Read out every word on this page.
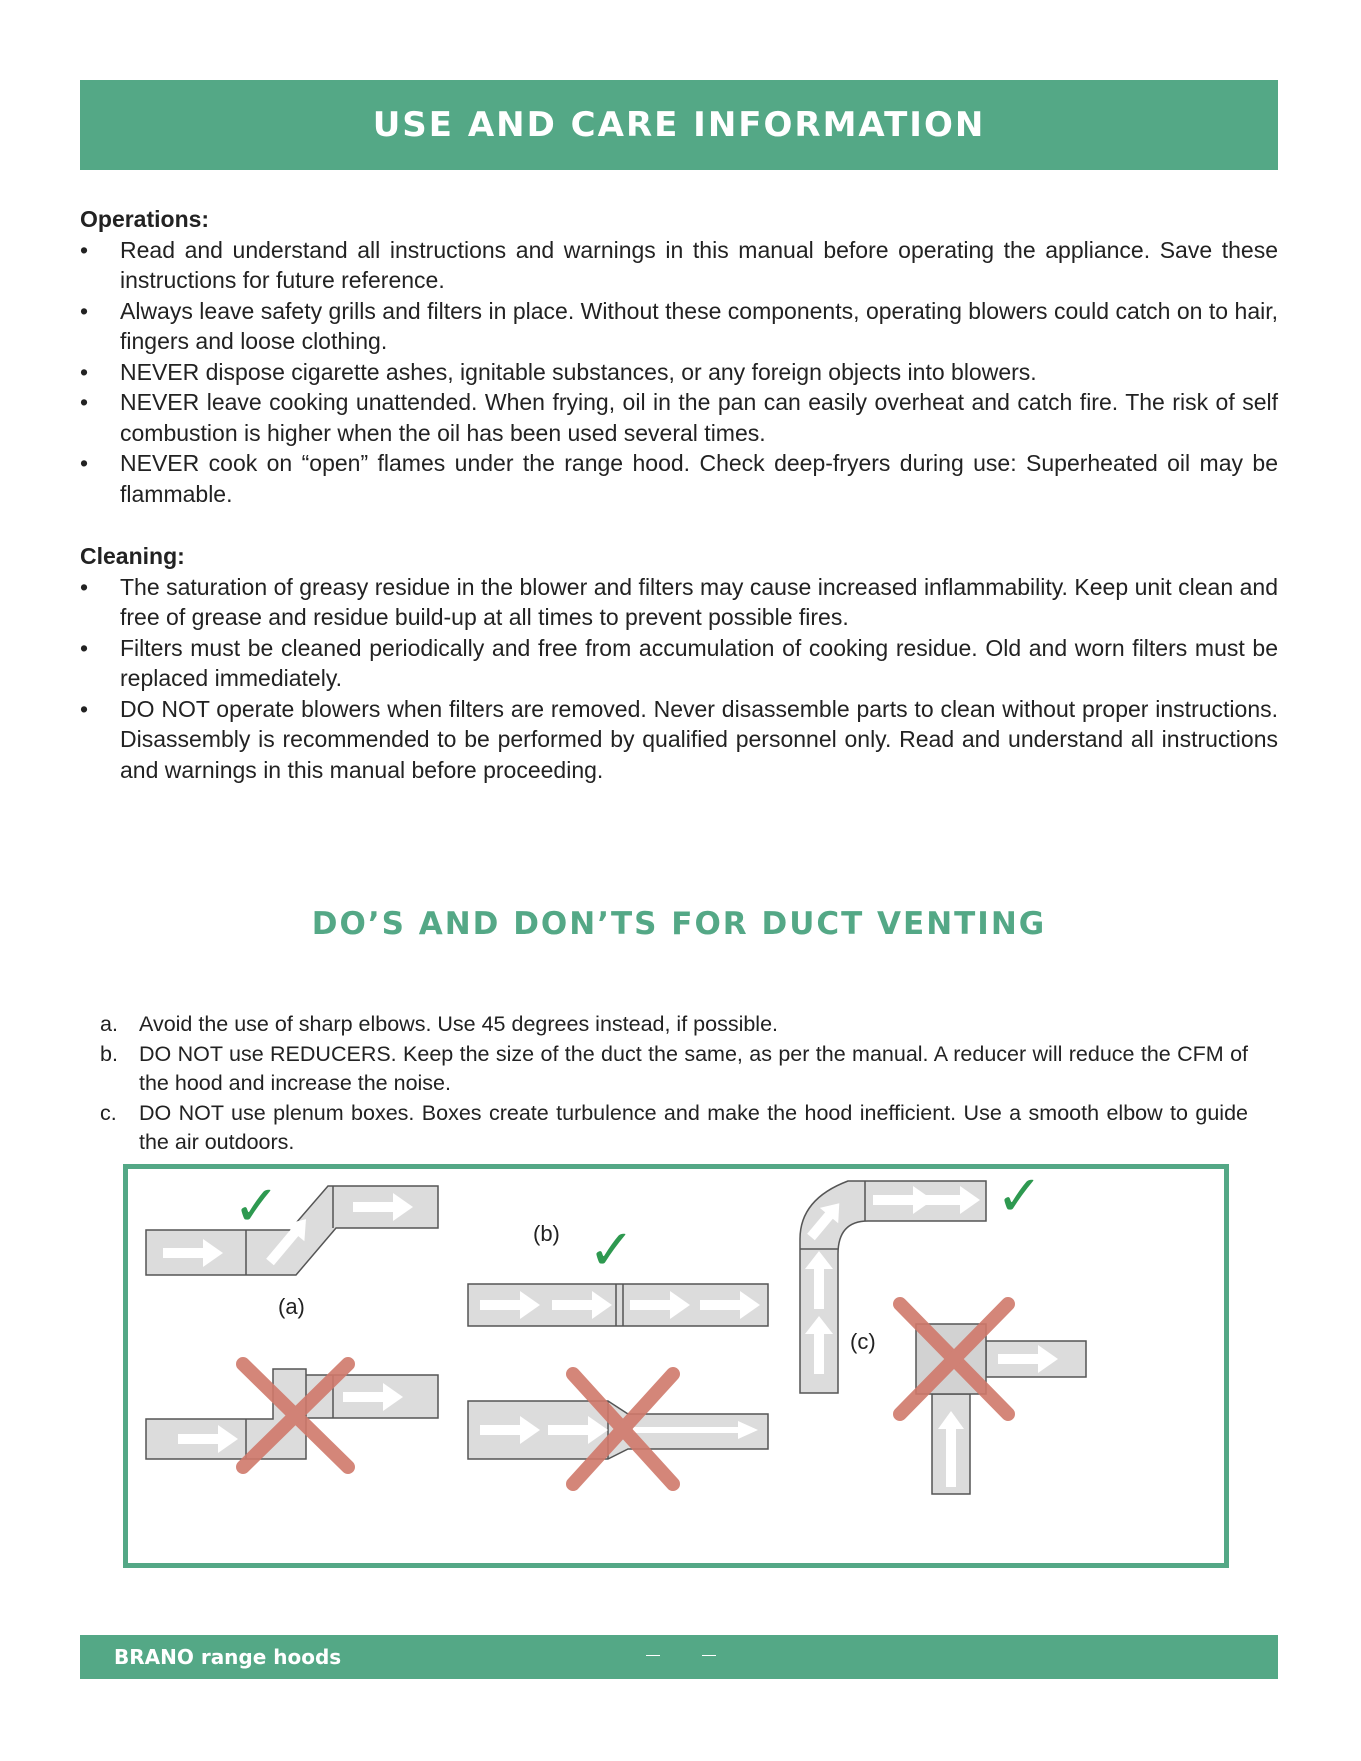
USE AND CARE INFORMATION
Operations:
• Read and understand all instructions and warnings in this manual before operating the appliance. Save these instructions for future reference.
• Always leave safety grills and filters in place. Without these components, operating blowers could catch on to hair, fingers and loose clothing.
• NEVER dispose cigarette ashes, ignitable substances, or any foreign objects into blowers.
• NEVER leave cooking unattended. When frying, oil in the pan can easily overheat and catch fire. The risk of self combustion is higher when the oil has been used several times.
• NEVER cook on “open” flames under the range hood. Check deep-fryers during use: Superheated oil may be flammable.
Cleaning:
• The saturation of greasy residue in the blower and filters may cause increased inflammability. Keep unit clean and free of grease and residue build-up at all times to prevent possible fires.
• Filters must be cleaned periodically and free from accumulation of cooking residue. Old and worn filters must be replaced immediately.
• DO NOT operate blowers when filters are removed. Never disassemble parts to clean without proper instructions. Disassembly is recommended to be performed by qualified personnel only. Read and understand all instructions and warnings in this manual before proceeding.
DO’S AND DON’TS FOR DUCT VENTING
a. Avoid the use of sharp elbows. Use 45 degrees instead, if possible.
b. DO NOT use REDUCERS. Keep the size of the duct the same, as per the manual. A reducer will reduce the CFM of the hood and increase the noise.
c. DO NOT use plenum boxes. Boxes create turbulence and make the hood inefficient. Use a smooth elbow to guide the air outdoors.
✓
(a)
(b) ✓
✓
(c)
BRANO range hoods
